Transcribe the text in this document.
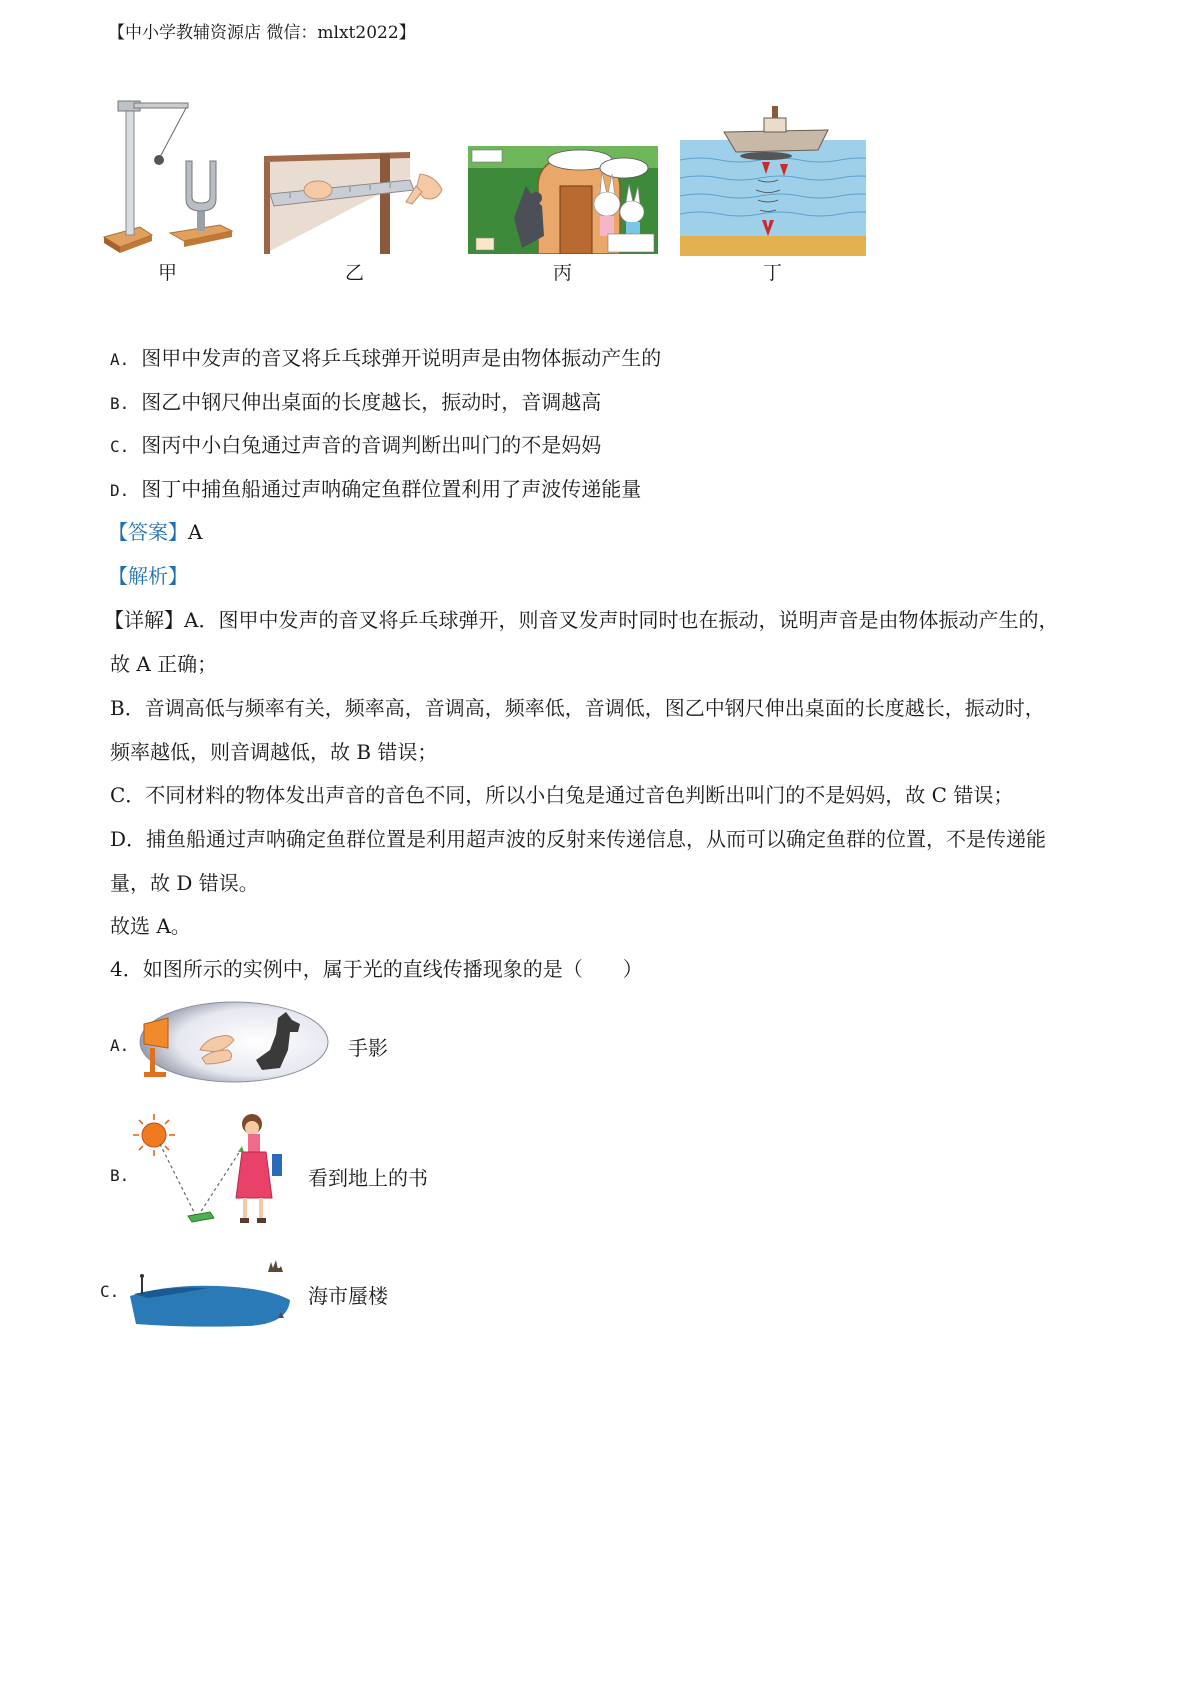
【中小学教辅资源店 微信：mlxt2022】
甲	乙	丙	丁
A. 图甲中发声的音叉将乒乓球弹开说明声是由物体振动产生的
B. 图乙中钢尺伸出桌面的长度越长，振动时，音调越高
C. 图丙中小白兔通过声音的音调判断出叫门的不是妈妈
D. 图丁中捕鱼船通过声呐确定鱼群位置利用了声波传递能量
【答案】A
【解析】
【详解】A．图甲中发声的音叉将乒乓球弹开，则音叉发声时同时也在振动，说明声音是由物体振动产生的，
故 A 正确；
B．音调高低与频率有关，频率高，音调高，频率低，音调低，图乙中钢尺伸出桌面的长度越长，振动时，
频率越低，则音调越低，故 B 错误；
C．不同材料的物体发出声音的音色不同，所以小白兔是通过音色判断出叫门的不是妈妈，故 C 错误；
D．捕鱼船通过声呐确定鱼群位置是利用超声波的反射来传递信息，从而可以确定鱼群的位置，不是传递能
量，故 D 错误。
故选 A。
4．如图所示的实例中，属于光的直线传播现象的是（　　）
A.	手影
B.	看到地上的书
C.	海市蜃楼
